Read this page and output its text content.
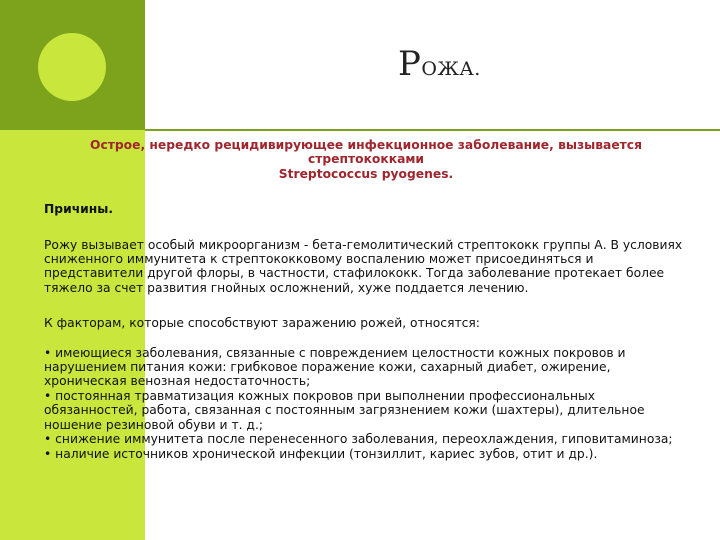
РОЖА.
Острое, нередко рецидивирующее инфекционное заболевание, вызывается стрептококками
Streptococcus pyogenes.
Причины.
Рожу вызывает особый микроорганизм - бета-гемолитический стрептококк группы А. В условиях сниженного иммунитета к стрептококковому воспалению может присоединяться и представители другой флоры, в частности, стафилококк. Тогда заболевание протекает более тяжело за счет развития гнойных осложнений, хуже поддается лечению.
К факторам, которые способствуют заражению рожей, относятся:
• имеющиеся заболевания, связанные с повреждением целостности кожных покровов и нарушением питания кожи: грибковое поражение кожи, сахарный диабет, ожирение, хроническая венозная недостаточность;
• постоянная травматизация кожных покровов при выполнении профессиональных обязанностей, работа, связанная с постоянным загрязнением кожи (шахтеры), длительное ношение резиновой обуви и т. д.;
• снижение иммунитета после перенесенного заболевания, переохлаждения, гиповитаминоза;
• наличие источников хронической инфекции (тонзиллит, кариес зубов, отит и др.).
